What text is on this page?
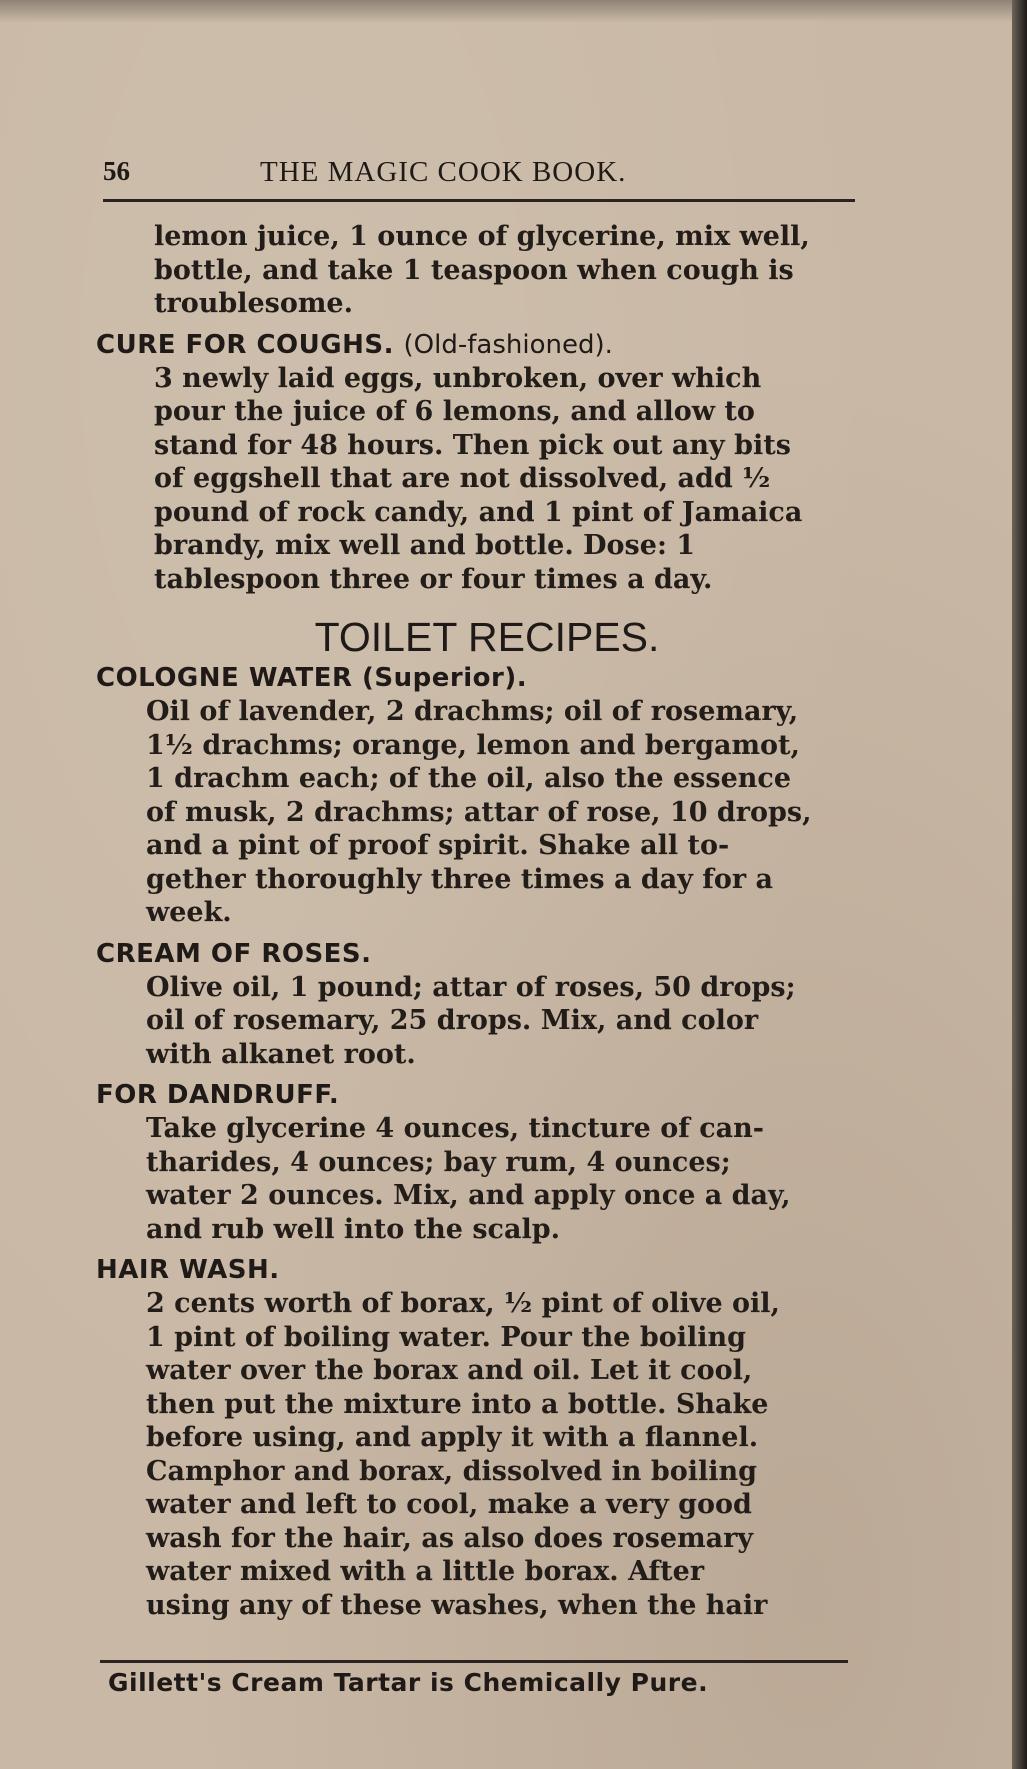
56	THE MAGIC COOK BOOK.
lemon juice, 1 ounce of glycerine, mix well,
bottle, and take 1 teaspoon when cough is
troublesome.
CURE FOR COUGHS. (Old-fashioned).
3 newly laid eggs, unbroken, over which
pour the juice of 6 lemons, and allow to
stand for 48 hours. Then pick out any bits
of eggshell that are not dissolved, add ½
pound of rock candy, and 1 pint of Jamaica
brandy, mix well and bottle. Dose: 1
tablespoon three or four times a day.
TOILET RECIPES.
COLOGNE WATER (Superior).
Oil of lavender, 2 drachms; oil of rosemary,
1½ drachms; orange, lemon and bergamot,
1 drachm each; of the oil, also the essence
of musk, 2 drachms; attar of rose, 10 drops,
and a pint of proof spirit. Shake all to-
gether thoroughly three times a day for a
week.
CREAM OF ROSES.
Olive oil, 1 pound; attar of roses, 50 drops;
oil of rosemary, 25 drops. Mix, and color
with alkanet root.
FOR DANDRUFF.
Take glycerine 4 ounces, tincture of can-
tharides, 4 ounces; bay rum, 4 ounces;
water 2 ounces. Mix, and apply once a day,
and rub well into the scalp.
HAIR WASH.
2 cents worth of borax, ½ pint of olive oil,
1 pint of boiling water. Pour the boiling
water over the borax and oil. Let it cool,
then put the mixture into a bottle. Shake
before using, and apply it with a flannel.
Camphor and borax, dissolved in boiling
water and left to cool, make a very good
wash for the hair, as also does rosemary
water mixed with a little borax. After
using any of these washes, when the hair
Gillett's Cream Tartar is Chemically Pure.
